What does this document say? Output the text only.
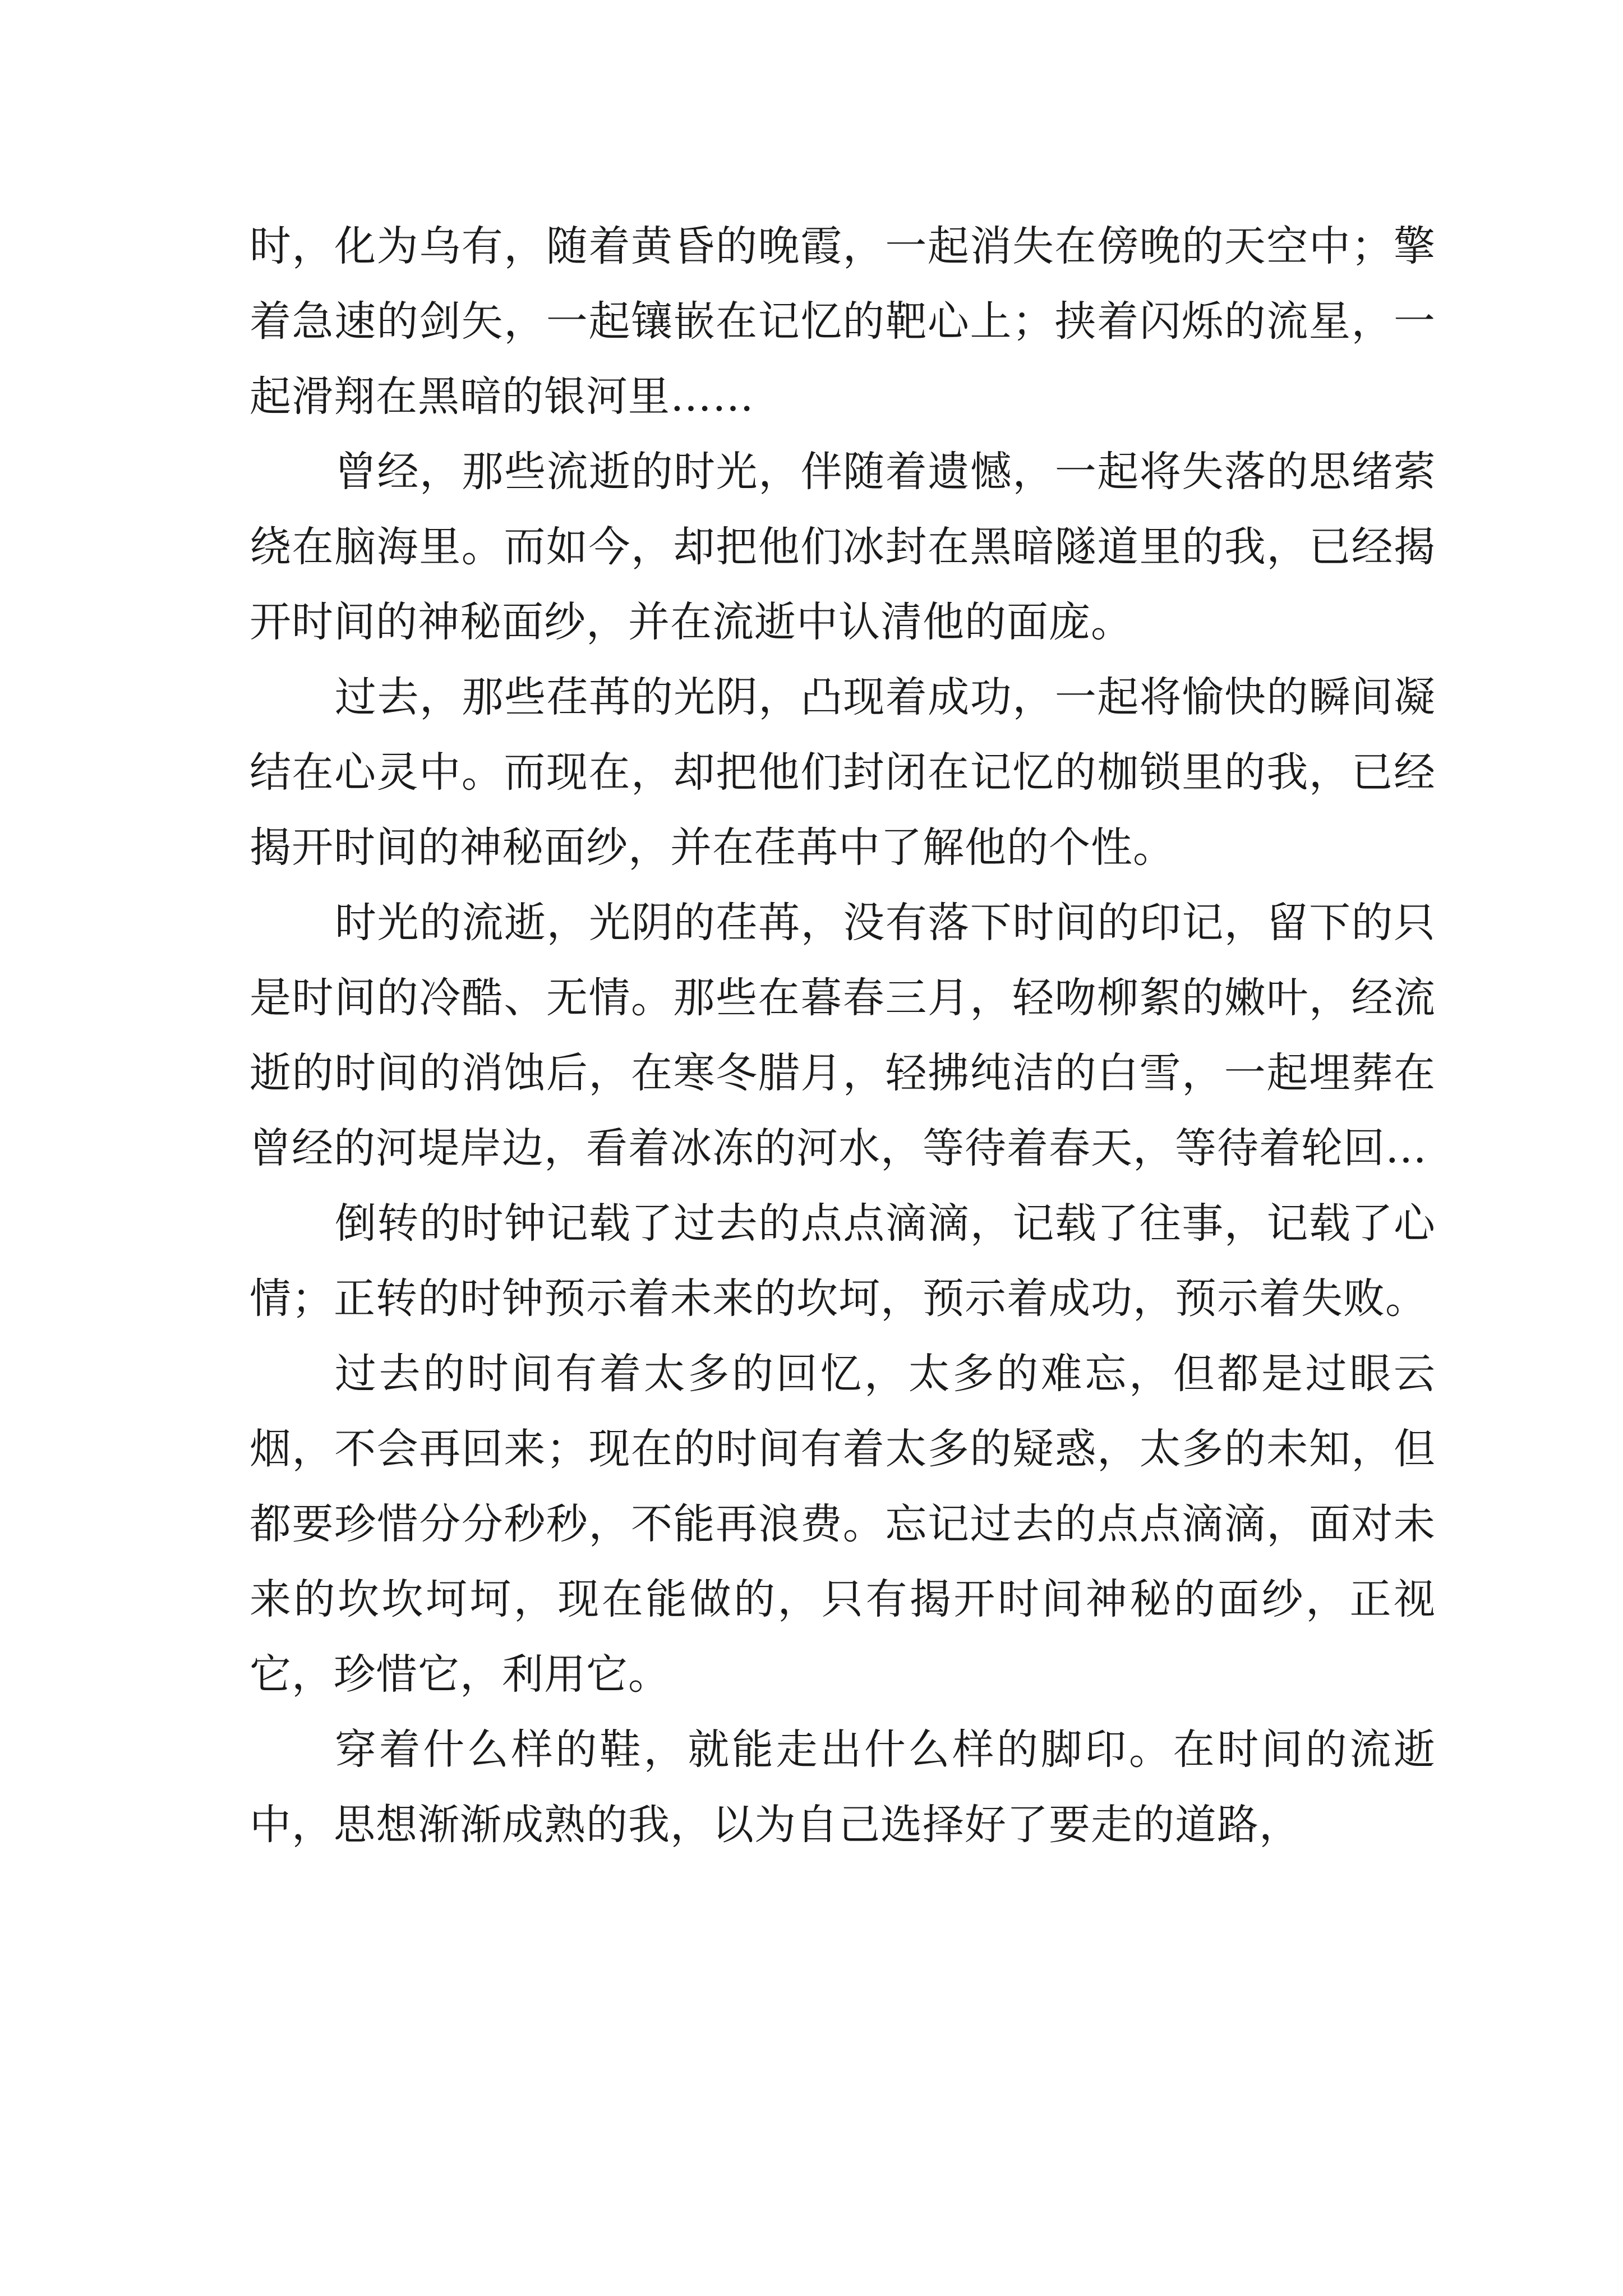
时，化为乌有，随着黄昏的晚霞，一起消失在傍晚的天空中；擎着急速的剑矢，一起镶嵌在记忆的靶心上；挟着闪烁的流星，一起滑翔在黑暗的银河里……

曾经，那些流逝的时光，伴随着遗憾，一起将失落的思绪萦绕在脑海里。而如今，却把他们冰封在黑暗隧道里的我，已经揭开时间的神秘面纱，并在流逝中认清他的面庞。

过去，那些荏苒的光阴，凸现着成功，一起将愉快的瞬间凝结在心灵中。而现在，却把他们封闭在记忆的枷锁里的我，已经揭开时间的神秘面纱，并在荏苒中了解他的个性。

时光的流逝，光阴的荏苒，没有落下时间的印记，留下的只是时间的冷酷、无情。那些在暮春三月，轻吻柳絮的嫩叶，经流逝的时间的消蚀后，在寒冬腊月，轻拂纯洁的白雪，一起埋葬在曾经的河堤岸边，看着冰冻的河水，等待着春天，等待着轮回…

倒转的时钟记载了过去的点点滴滴，记载了往事，记载了心情；正转的时钟预示着未来的坎坷，预示着成功，预示着失败。

过去的时间有着太多的回忆，太多的难忘，但都是过眼云烟，不会再回来；现在的时间有着太多的疑惑，太多的未知，但都要珍惜分分秒秒，不能再浪费。忘记过去的点点滴滴，面对未来的坎坎坷坷，现在能做的，只有揭开时间神秘的面纱，正视它，珍惜它，利用它。

穿着什么样的鞋，就能走出什么样的脚印。在时间的流逝中，思想渐渐成熟的我，以为自己选择好了要走的道路，
